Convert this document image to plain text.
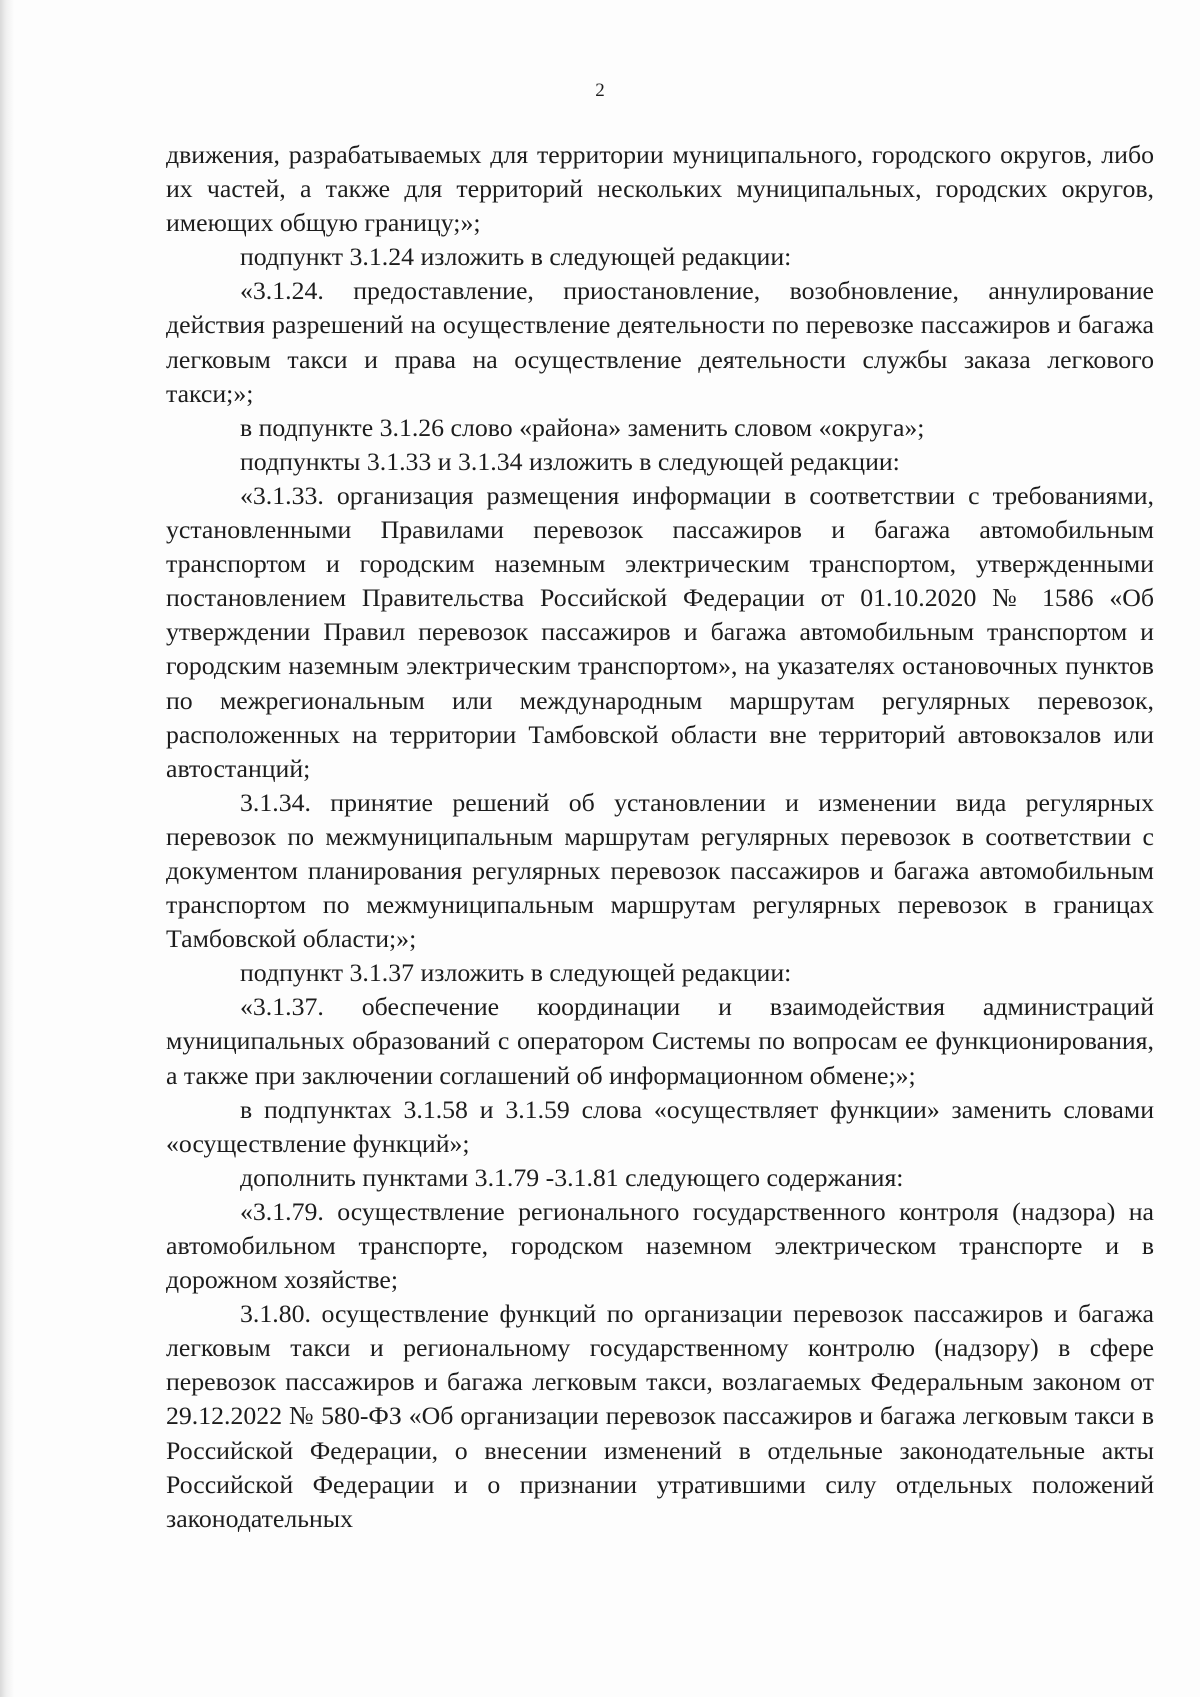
2

движения, разрабатываемых для территории муниципального, городского округов, либо их частей, а также для территорий нескольких муниципальных, городских округов, имеющих общую границу;»;

подпункт 3.1.24 изложить в следующей редакции:

«3.1.24. предоставление, приостановление, возобновление, аннулирование действия разрешений на осуществление деятельности по перевозке пассажиров и багажа легковым такси и права на осуществление деятельности службы заказа легкового такси;»;

в подпункте 3.1.26 слово «района» заменить словом «округа»;

подпункты 3.1.33 и 3.1.34 изложить в следующей редакции:

«3.1.33. организация размещения информации в соответствии с требованиями, установленными Правилами перевозок пассажиров и багажа автомобильным транспортом и городским наземным электрическим транспортом, утвержденными постановлением Правительства Российской Федерации от 01.10.2020 № 1586 «Об утверждении Правил перевозок пассажиров и багажа автомобильным транспортом и городским наземным электрическим транспортом», на указателях остановочных пунктов по межрегиональным или международным маршрутам регулярных перевозок, расположенных на территории Тамбовской области вне территорий автовокзалов или автостанций;

3.1.34. принятие решений об установлении и изменении вида регулярных перевозок по межмуниципальным маршрутам регулярных перевозок в соответствии с документом планирования регулярных перевозок пассажиров и багажа автомобильным транспортом по межмуниципальным маршрутам регулярных перевозок в границах Тамбовской области;»;

подпункт 3.1.37 изложить в следующей редакции:

«3.1.37. обеспечение координации и взаимодействия администраций муниципальных образований с оператором Системы по вопросам ее функционирования, а также при заключении соглашений об информационном обмене;»;

в подпунктах 3.1.58 и 3.1.59 слова «осуществляет функции» заменить словами «осуществление функций»;

дополнить пунктами 3.1.79 -3.1.81 следующего содержания:

«3.1.79. осуществление регионального государственного контроля (надзора) на автомобильном транспорте, городском наземном электрическом транспорте и в дорожном хозяйстве;

3.1.80. осуществление функций по организации перевозок пассажиров и багажа легковым такси и региональному государственному контролю (надзору) в сфере перевозок пассажиров и багажа легковым такси, возлагаемых Федеральным законом от 29.12.2022 № 580-ФЗ «Об организации перевозок пассажиров и багажа легковым такси в Российской Федерации, о внесении изменений в отдельные законодательные акты Российской Федерации и о признании утратившими силу отдельных положений законодательных
